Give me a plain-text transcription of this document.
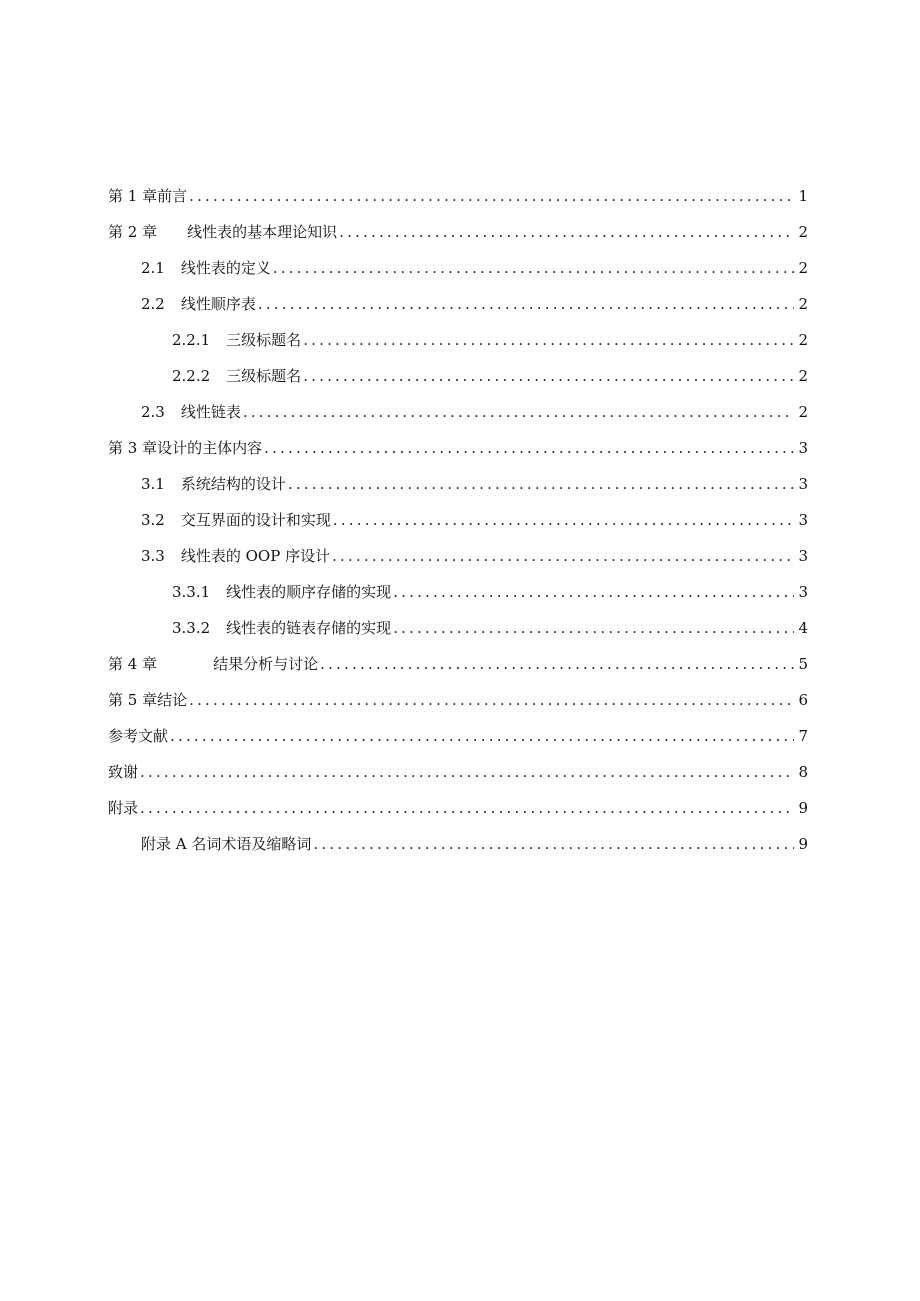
第 1 章 前言 .....	1
第 2 章 线性表的基本理论知识 .....	2
2.1 线性表的定义 .....	2
2.2 线性顺序表 .....	2
2.2.1 三级标题名 .....	2
2.2.2 三级标题名 .....	2
2.3 线性链表 .....	2
第 3 章 设计的主体内容 .....	3
3.1 系统结构的设计 .....	3
3.2 交互界面的设计和实现 .....	3
3.3 线性表的 OOP 序设计 .....	3
3.3.1 线性表的顺序存储的实现 .....	3
3.3.2 线性表的链表存储的实现 .....	4
第 4 章	结果分析与讨论 .....	5
第 5 章 结论 .....	6
参考文献 .....	7
致谢 .....	8
附录 .....	9
附录 A 名词术语及缩略词 .....	9
